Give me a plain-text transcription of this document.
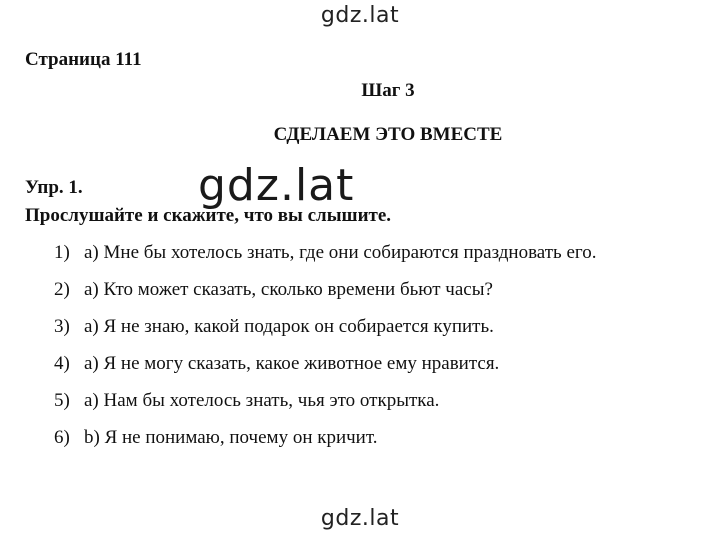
gdz.lat
Страница 111
Шаг 3
СДЕЛАЕМ ЭТО ВМЕСТЕ
Упр. 1.	gdz.lat
Прослушайте и скажите, что вы слышите.
1) a) Мне бы хотелось знать, где они собираются праздновать его.
2) a) Кто может сказать, сколько времени бьют часы?
3) a) Я не знаю, какой подарок он собирается купить.
4) a) Я не могу сказать, какое животное ему нравится.
5) a) Нам бы хотелось знать, чья это открытка.
6) b) Я не понимаю, почему он кричит.
gdz.lat
